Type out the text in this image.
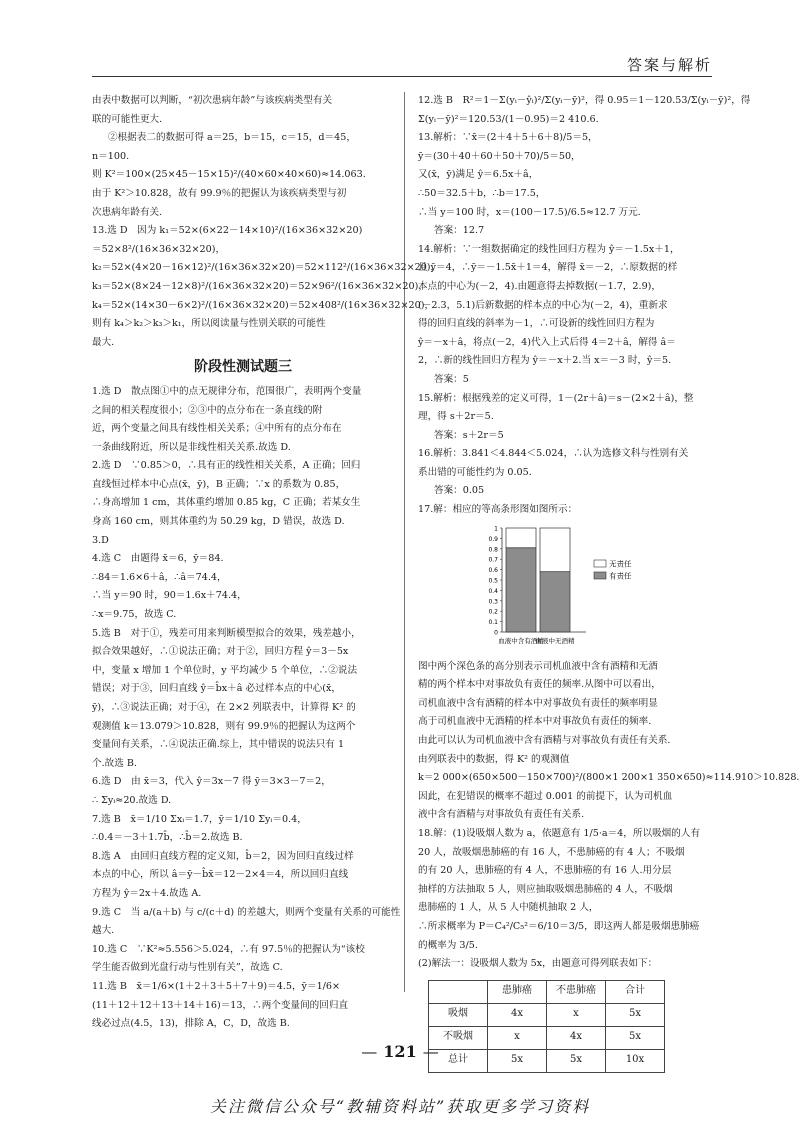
答案与解析

由表中数据可以判断，“初次患病年龄”与该疾病类型有关

联的可能性更大.

②根据表二的数据可得 a＝25，b＝15，c＝15，d＝45，

n＝100.

则 K²＝100×(25×45－15×15)²/(40×60×40×60)≈14.063.

由于 K²＞10.828，故有 99.9％的把握认为该疾病类型与初

次患病年龄有关.

13.选 D　因为 k₁＝52×(6×22－14×10)²/(16×36×32×20)

＝52×8²/(16×36×32×20)，

k₂＝52×(4×20－16×12)²/(16×36×32×20)＝52×112²/(16×36×32×20)，

k₃＝52×(8×24－12×8)²/(16×36×32×20)＝52×96²/(16×36×32×20)，

k₄＝52×(14×30－6×2)²/(16×36×32×20)＝52×408²/(16×36×32×20)，

则有 k₄＞k₂＞k₃＞k₁，所以阅读量与性别关联的可能性

最大.

阶段性测试题三

1.选 D　散点图①中的点无规律分布，范围很广，表明两个变量

之间的相关程度很小；②③中的点分布在一条直线的附

近，两个变量之间具有线性相关关系；④中所有的点分布在

一条曲线附近，所以是非线性相关关系.故选 D.

2.选 D　∵0.85＞0，∴具有正的线性相关关系，A 正确；回归

直线恒过样本中心点(x̄，ȳ)，B 正确；∵x 的系数为 0.85，

∴身高增加 1 cm，其体重约增加 0.85 kg，C 正确；若某女生

身高 160 cm，则其体重约为 50.29 kg，D 错误，故选 D.

3.D

4.选 C　由题得 x̄＝6，ȳ＝84.

∴84＝1.6×6＋â，∴â＝74.4，

∴当 y＝90 时，90＝1.6x＋74.4，

∴x＝9.75，故选 C.

5.选 B　对于①，残差可用来判断模型拟合的效果，残差越小，

拟合效果越好，∴①说法正确；对于②，回归方程 ŷ＝3－5x

中，变量 x 增加 1 个单位时，y 平均减少 5 个单位，∴②说法

错误；对于③，回归直线 ŷ＝b̂x＋â 必过样本点的中心(x̄，

ȳ)，∴③说法正确；对于④，在 2×2 列联表中，计算得 K² 的

观测值 k＝13.079＞10.828，则有 99.9％的把握认为这两个

变量间有关系，∴④说法正确.综上，其中错误的说法只有 1

个.故选 B.

6.选 D　由 x̄＝3，代入 ŷ＝3x－7 得 ȳ＝3×3－7＝2，

∴ Σyᵢ≈20.故选 D.

7.选 B　x̄＝1/10 Σxᵢ＝1.7，ȳ＝1/10 Σyᵢ＝0.4，

∴0.4＝－3＋1.7b̂，∴b̂＝2.故选 B.

8.选 A　由回归直线方程的定义知，b̂＝2，因为回归直线过样

本点的中心，所以 â＝ȳ－b̂x̄＝12－2×4＝4，所以回归直线

方程为 ŷ＝2x＋4.故选 A.

9.选 C　当 a/(a＋b) 与 c/(c＋d) 的差越大，则两个变量有关系的可能性

越大.

10.选 C　∵K²≈5.556＞5.024，∴有 97.5％的把握认为“该校

学生能否做到光盘行动与性别有关”，故选 C.

11.选 B　x̄＝1/6×(1＋2＋3＋5＋7＋9)＝4.5，ȳ＝1/6×

(11＋12＋12＋13＋14＋16)＝13，∴两个变量间的回归直

线必过点(4.5，13)，排除 A，C，D，故选 B.

12.选 B　R²＝1－Σ(yᵢ－ŷᵢ)²/Σ(yᵢ－ȳ)²，得 0.95＝1－120.53/Σ(yᵢ－ȳ)²，得

Σ(yᵢ－ȳ)²＝120.53/(1－0.95)＝2 410.6.

13.解析：∵x̄＝(2＋4＋5＋6＋8)/5＝5，

ȳ＝(30＋40＋60＋50＋70)/5＝50，

又(x̄，ȳ)满足 ŷ＝6.5x＋â，

∴50＝32.5＋b，∴b＝17.5，

∴当 y＝100 时，x＝(100－17.5)/6.5≈12.7 万元.

答案：12.7

14.解析：∵一组数据确定的线性回归方程为 ŷ＝－1.5x＋1，

且 ȳ＝4，∴ȳ＝－1.5x̄＋1＝4，解得 x̄＝－2，∴原数据的样

本点的中心为(－2，4).由题意得去掉数据(－1.7，2.9)，

(－2.3，5.1)后新数据的样本点的中心为(－2，4)，重新求

得的回归直线的斜率为－1，∴可设新的线性回归方程为

ŷ＝－x＋â，将点(－2，4)代入上式后得 4＝2＋â，解得 â＝

2，∴新的线性回归方程为 ŷ＝－x＋2.当 x＝－3 时，ŷ＝5.

答案：5

15.解析：根据残差的定义可得，1－(2r＋â)＝s－(2×2＋â)，整

理，得 s＋2r＝5.

答案：s＋2r＝5

16.解析：3.841＜4.844＜5.024，∴认为选修文科与性别有关

系出错的可能性约为 0.05.

答案：0.05

17.解：相应的等高条形图如图所示：

0
0.1
0.2
0.3
0.4
0.5
0.6
0.7
0.8
0.9
1
血液中含有酒精
血液中无酒精
无责任
有责任

图中两个深色条的高分别表示司机血液中含有酒精和无酒

精的两个样本中对事故负有责任的频率.从图中可以看出，

司机血液中含有酒精的样本中对事故负有责任的频率明显

高于司机血液中无酒精的样本中对事故负有责任的频率.

由此可以认为司机血液中含有酒精与对事故负有责任有关系.

由列联表中的数据，得 K² 的观测值

k＝2 000×(650×500－150×700)²/(800×1 200×1 350×650)≈114.910＞10.828.

因此，在犯错误的概率不超过 0.001 的前提下，认为司机血

液中含有酒精与对事故负有责任有关系.

18.解：(1)设吸烟人数为 a，依题意有 1/5·a＝4，所以吸烟的人有

20 人，故吸烟患肺癌的有 16 人，不患肺癌的有 4 人；不吸烟

的有 20 人，患肺癌的有 4 人，不患肺癌的有 16 人.用分层

抽样的方法抽取 5 人，则应抽取吸烟患肺癌的 4 人，不吸烟

患肺癌的 1 人，从 5 人中随机抽取 2 人，

∴所求概率为 P＝C₄²/C₅²＝6/10＝3/5，即这两人都是吸烟患肺癌

的概率为 3/5.

(2)解法一：设吸烟人数为 5x，由题意可得列联表如下：

	患肺癌	不患肺癌	合计
吸烟	4x	x	5x
不吸烟	x	4x	5x
总计	5x	5x	10x
— 121 —
关注微信公众号“教辅资料站”获取更多学习资料
